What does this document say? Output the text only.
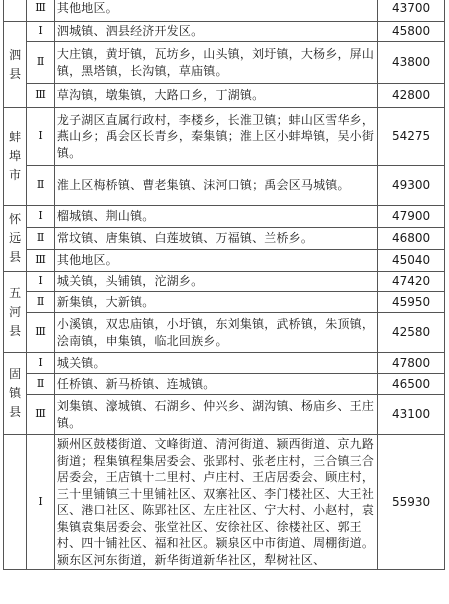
	Ⅲ	其他地区。	43700

泗
县	Ⅰ	泗城镇、泗县经济开发区。	45800
	Ⅱ	大庄镇，黄圩镇，瓦坊乡，山头镇，刘圩镇，大杨乡，屏山镇，黑塔镇，长沟镇，草庙镇。	43800
	Ⅲ	草沟镇，墩集镇，大路口乡，丁湖镇。	42800

蚌
埠
市	Ⅰ	龙子湖区直属行政村，李楼乡，长淮卫镇；蚌山区雪华乡，燕山乡；禹会区长青乡，秦集镇；淮上区小蚌埠镇，吴小街镇。	54275
	Ⅱ	淮上区梅桥镇、曹老集镇、沫河口镇；禹会区马城镇。	49300

怀
远
县	Ⅰ	榴城镇、荆山镇。	47900
	Ⅱ	常坟镇、唐集镇、白莲坡镇、万福镇、兰桥乡。	46800
	Ⅲ	其他地区。	45040

五
河
县	Ⅰ	城关镇，头铺镇，沱湖乡。	47420
	Ⅱ	新集镇，大新镇。	45950
	Ⅲ	小溪镇，双忠庙镇，小圩镇，东刘集镇，武桥镇，朱顶镇，浍南镇，申集镇，临北回族乡。	42580

固
镇
县	Ⅰ	城关镇。	47800
	Ⅱ	任桥镇、新马桥镇、连城镇。	46500
	Ⅲ	刘集镇、濠城镇、石湖乡、仲兴乡、湖沟镇、杨庙乡、王庄镇。	43100
	Ⅰ	颍州区鼓楼街道、文峰街道、清河街道、颍西街道、京九路街道；程集镇程集居委会、张郢村、张老庄村，三合镇三合居委会，王店镇十二里村、卢庄村、王店居委会、顾庄村，三十里铺镇三十里铺社区、双寨社区、李门楼社区、大王社区、港口社区、陈郢社区、左庄社区、宁大村、小赵村，袁集镇袁集居委会、张堂社区、安徐社区、徐楼社区、郭王村、四十铺社区、福和社区。颍泉区中市街道、周棚街道。颍东区河东街道，新华街道新华社区，犁树社区、	55930
